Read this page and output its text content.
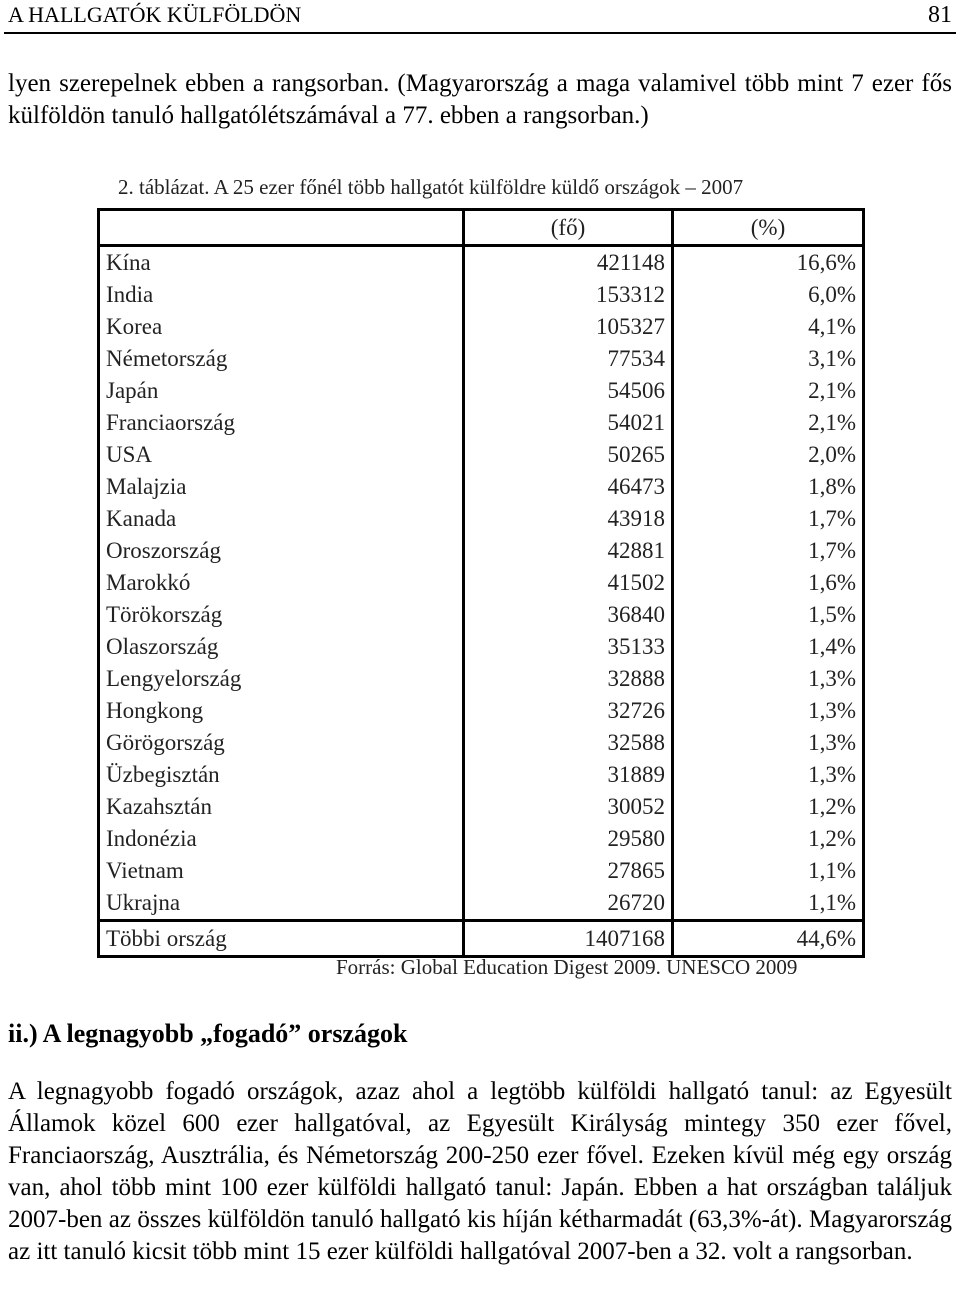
A HALLGATÓK KÜLFÖLDÖN	81

lyen szerepelnek ebben a rangsorban. (Magyarország a maga valamivel több mint 7 ezer fős külföldön tanuló hallgatólétszámával a 77. ebben a rangsorban.)

2. táblázat. A 25 ezer főnél több hallgatót külföldre küldő országok – 2007
	(fő)	(%)
Kína	421148	16,6%
India	153312	6,0%
Korea	105327	4,1%
Németország	77534	3,1%
Japán	54506	2,1%
Franciaország	54021	2,1%
USA	50265	2,0%
Malajzia	46473	1,8%
Kanada	43918	1,7%
Oroszország	42881	1,7%
Marokkó	41502	1,6%
Törökország	36840	1,5%
Olaszország	35133	1,4%
Lengyelország	32888	1,3%
Hongkong	32726	1,3%
Görögország	32588	1,3%
Üzbegisztán	31889	1,3%
Kazahsztán	30052	1,2%
Indonézia	29580	1,2%
Vietnam	27865	1,1%
Ukrajna	26720	1,1%
Többi ország	1407168	44,6%
Forrás: Global Education Digest 2009. UNESCO 2009
ii.) A legnagyobb „fogadó” országok

A legnagyobb fogadó országok, azaz ahol a legtöbb külföldi hallgató tanul: az Egyesült Államok közel 600 ezer hallgatóval, az Egyesült Királyság mintegy 350 ezer fővel, Franciaország, Ausztrália, és Németország 200-250 ezer fővel. Ezeken kívül még egy ország van, ahol több mint 100 ezer külföldi hallgató tanul: Japán. Ebben a hat országban találjuk 2007-ben az összes külföldön tanuló hallgató kis híján kétharmadát (63,3%-át). Magyarország az itt tanuló kicsit több mint 15 ezer külföldi hallgatóval 2007-ben a 32. volt a rangsorban.
